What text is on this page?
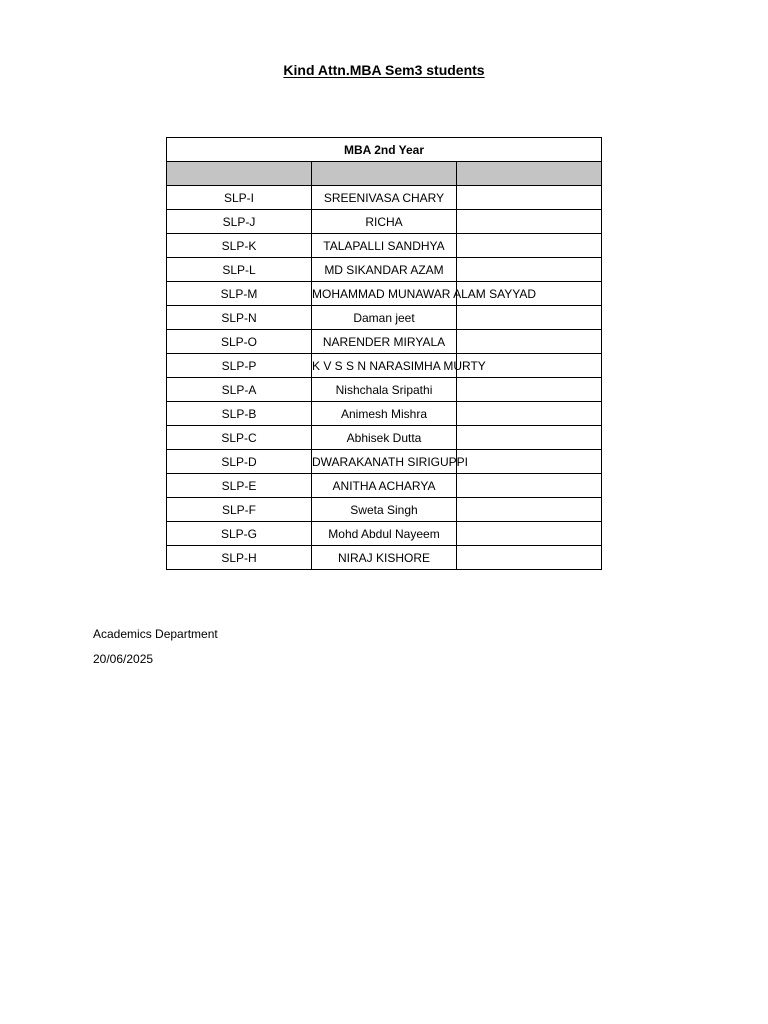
Kind Attn.MBA Sem3 students
MBA 2nd Year		

SLP-I	SREENIVASA CHARY	
SLP-J	RICHA	
SLP-K	TALAPALLI SANDHYA	
SLP-L	MD SIKANDAR AZAM	
SLP-M	MOHAMMAD MUNAWAR ALAM SAYYAD	
SLP-N	Daman jeet	
SLP-O	NARENDER MIRYALA	
SLP-P	K V S S N NARASIMHA MURTY	
SLP-A	Nishchala Sripathi	
SLP-B	Animesh Mishra	
SLP-C	Abhisek Dutta	
SLP-D	DWARAKANATH SIRIGUPPI	
SLP-E	ANITHA ACHARYA	
SLP-F	Sweta Singh	
SLP-G	Mohd Abdul Nayeem	
SLP-H	NIRAJ KISHORE	
Academics Department
20/06/2025
